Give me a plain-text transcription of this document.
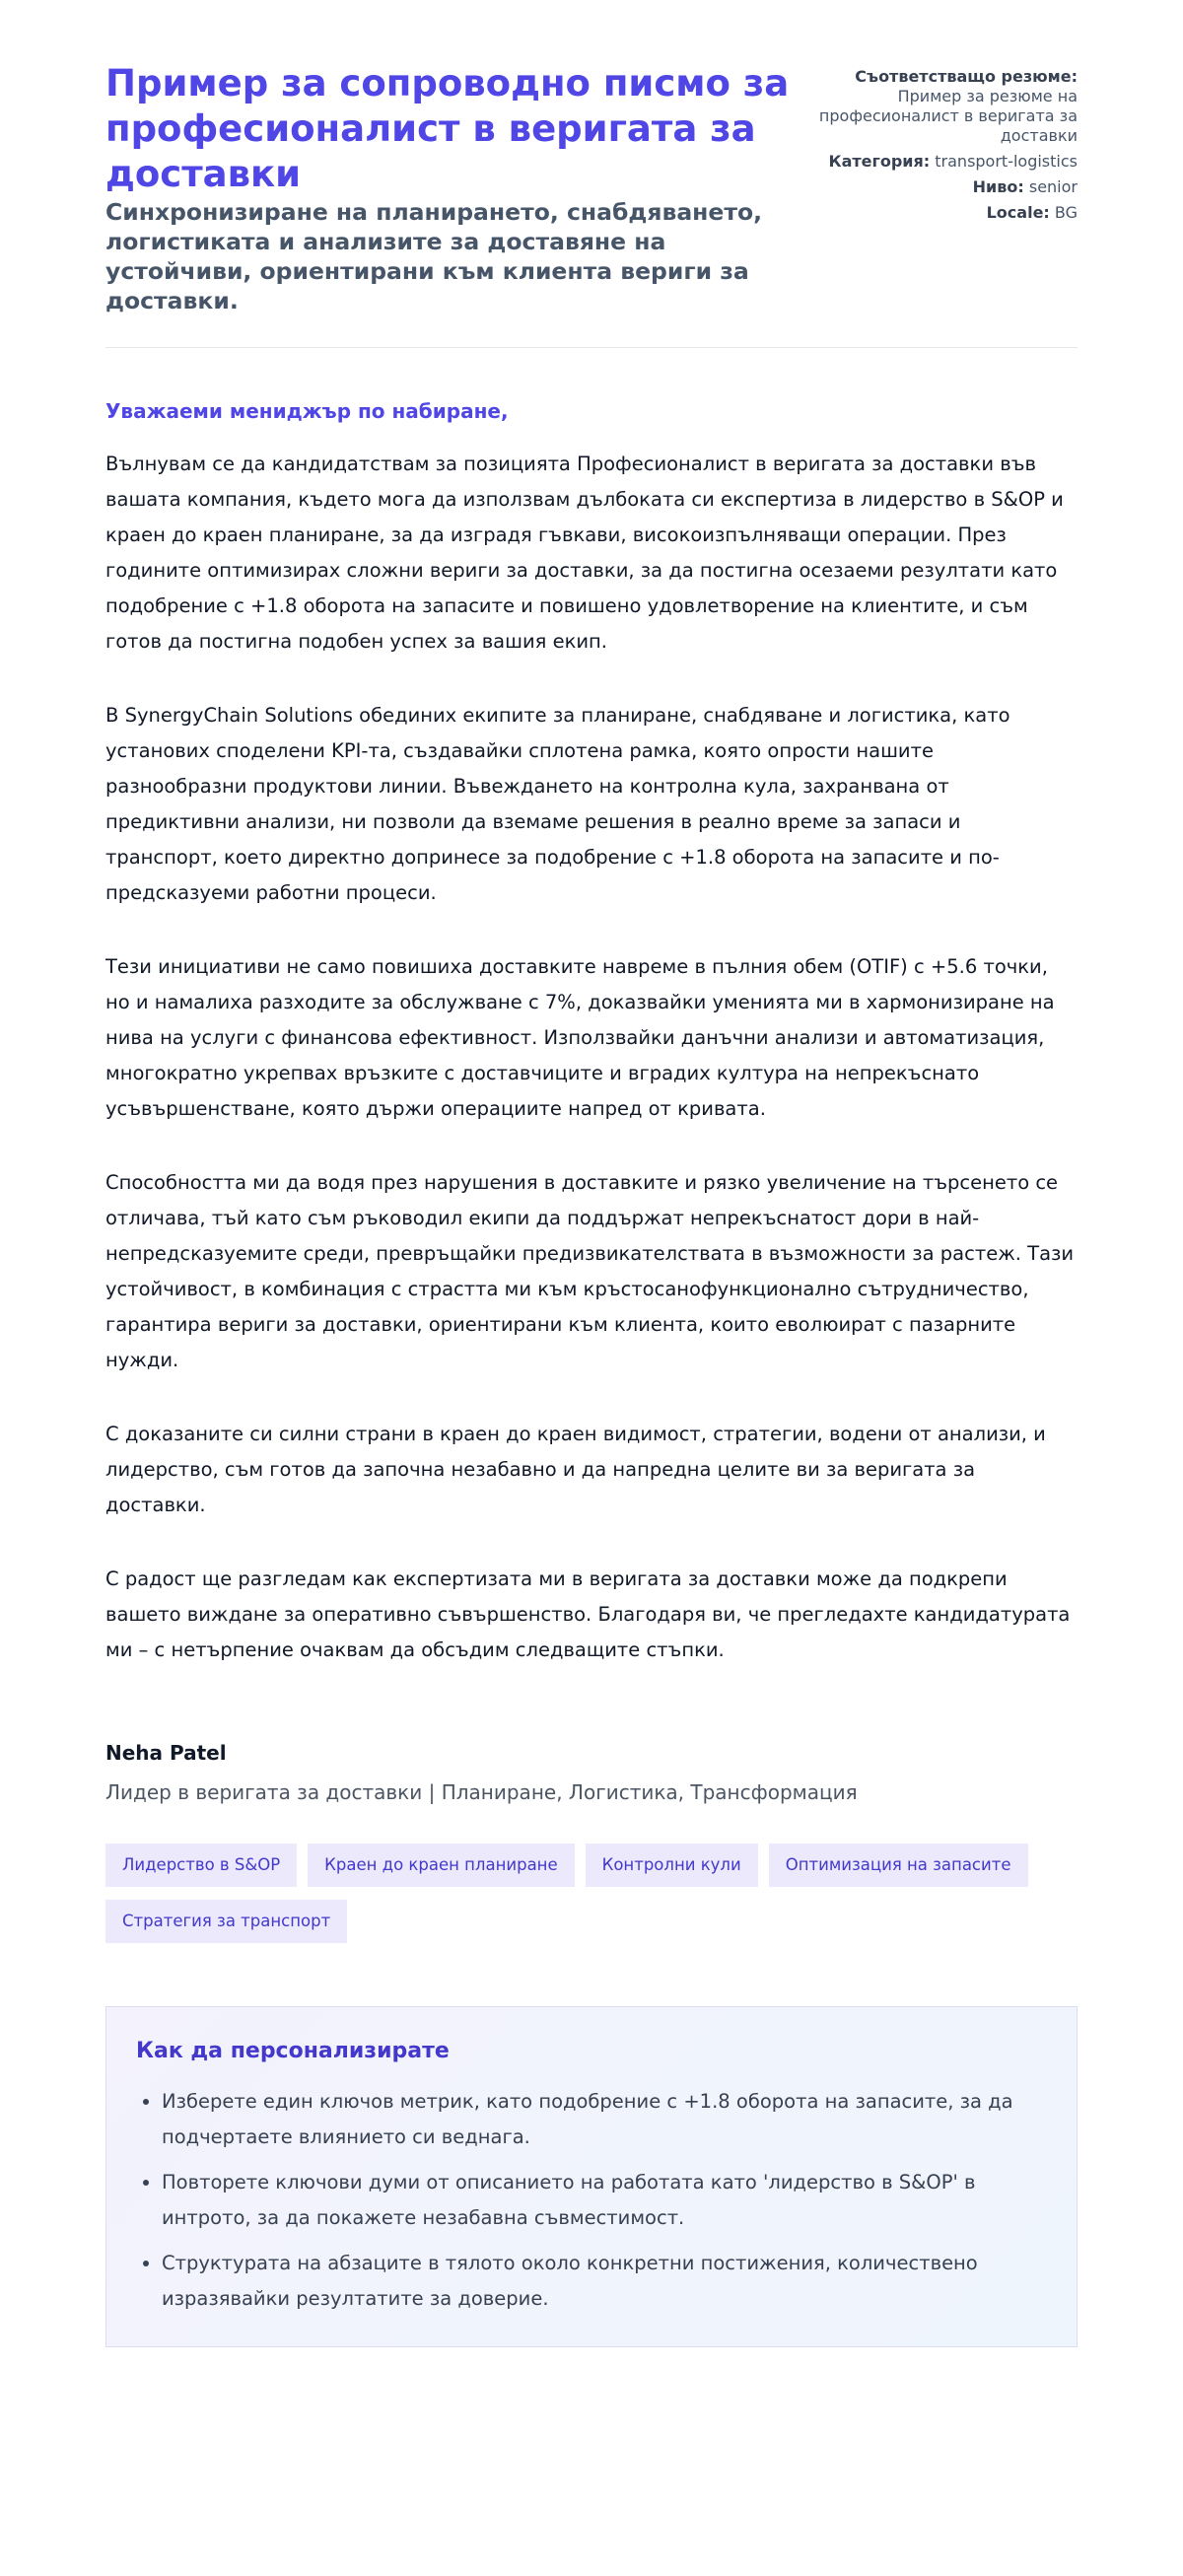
Пример за сопроводно писмо за професионалист в веригата за доставки
Синхронизиране на планирането, снабдяването, логистиката и анализите за доставяне на устойчиви, ориентирани към клиента вериги за доставки.
Съответстващо резюме: Пример за резюме на професионалист в веригата за доставки
Категория: transport-logistics
Ниво: senior
Locale: BG

Уважаеми мениджър по набиране,

Вълнувам се да кандидатствам за позицията Професионалист в веригата за доставки във вашата компания, където мога да използвам дълбоката си експертиза в лидерство в S&OP и краен до краен планиране, за да изградя гъвкави, високоизпълняващи операции. През годините оптимизирах сложни вериги за доставки, за да постигна осезаеми резултати като подобрение с +1.8 оборота на запасите и повишено удовлетворение на клиентите, и съм готов да постигна подобен успех за вашия екип.

В SynergyChain Solutions обединих екипите за планиране, снабдяване и логистика, като установих споделени KPI-та, създавайки сплотена рамка, която опрости нашите разнообразни продуктови линии. Въвеждането на контролна кула, захранвана от предиктивни анализи, ни позволи да вземаме решения в реално време за запаси и транспорт, което директно допринесе за подобрение с +1.8 оборота на запасите и по-предсказуеми работни процеси.

Тези инициативи не само повишиха доставките навреме в пълния обем (OTIF) с +5.6 точки, но и намалиха разходите за обслужване с 7%, доказвайки уменията ми в хармонизиране на нива на услуги с финансова ефективност. Използвайки данъчни анализи и автоматизация, многократно укрепвах връзките с доставчиците и вградих култура на непрекъснато усъвършенстване, която държи операциите напред от кривата.

Способността ми да водя през нарушения в доставките и рязко увеличение на търсенето се отличава, тъй като съм ръководил екипи да поддържат непрекъснатост дори в най-непредсказуемите среди, превръщайки предизвикателствата в възможности за растеж. Тази устойчивост, в комбинация с страстта ми към кръстосанофункционално сътрудничество, гарантира вериги за доставки, ориентирани към клиента, които еволюират с пазарните нужди.

С доказаните си силни страни в краен до краен видимост, стратегии, водени от анализи, и лидерство, съм готов да започна незабавно и да напредна целите ви за веригата за доставки.

С радост ще разгледам как експертизата ми в веригата за доставки може да подкрепи вашето виждане за оперативно съвършенство. Благодаря ви, че прегледахте кандидатурата ми – с нетърпение очаквам да обсъдим следващите стъпки.

Neha Patel
Лидер в веригата за доставки | Планиране, Логистика, Трансформация
Лидерство в S&OP	Краен до краен планиране	Контролни кули	Оптимизация на запасите
Стратегия за транспорт
Как да персонализирате
• Изберете един ключов метрик, като подобрение с +1.8 оборота на запасите, за да подчертаете влиянието си веднага.
• Повторете ключови думи от описанието на работата като 'лидерство в S&OP' в интрото, за да покажете незабавна съвместимост.
• Структурата на абзаците в тялото около конкретни постижения, количествено изразявайки резултатите за доверие.
